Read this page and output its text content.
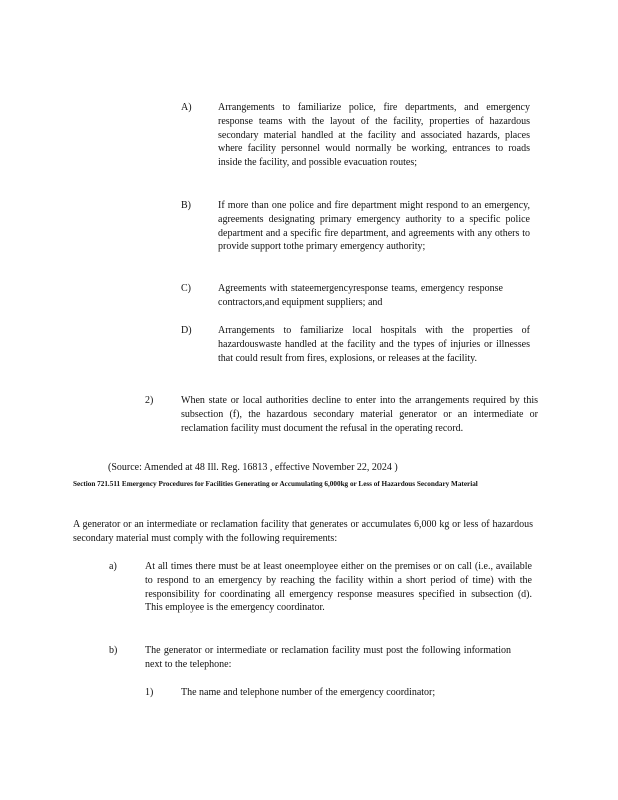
A)	Arrangements to familiarize police, fire departments, and emergency response teams with the layout of the facility, properties of hazardous secondary material handled at the facility and associated hazards, places where facility personnel would normally be working, entrances to roads inside the facility, and possible evacuation routes;
B)	If more than one police and fire department might respond to an emergency, agreements designating primary emergency authority to a specific police department and a specific fire department, and agreements with any others to provide support tothe primary emergency authority;
C)	Agreements with stateemergencyresponse teams, emergency response contractors,and equipment suppliers; and
D)	Arrangements to familiarize local hospitals with the properties of hazardouswaste handled at the facility and the types of injuries or illnesses that could result from fires, explosions, or releases at the facility.
2)	When state or local authorities decline to enter into the arrangements required by this subsection (f), the hazardous secondary material generator or an intermediate or reclamation facility must document the refusal in the operating record.
(Source: Amended at 48 Ill. Reg. 16813 , effective November 22, 2024 )
Section 721.511 Emergency Procedures for Facilities Generating or Accumulating 6,000kg or Less of Hazardous Secondary Material
A generator or an intermediate or reclamation facility that generates or accumulates 6,000 kg or less of hazardous secondary material must comply with the following requirements:
a)	At all times there must be at least oneemployee either on the premises or on call (i.e., available to respond to an emergency by reaching the facility within a short period of time) with the responsibility for coordinating all emergency response measures specified in subsection (d). This employee is the emergency coordinator.
b)	The generator or intermediate or reclamation facility must post the following information next to the telephone:
1)	The name and telephone number of the emergency coordinator;
